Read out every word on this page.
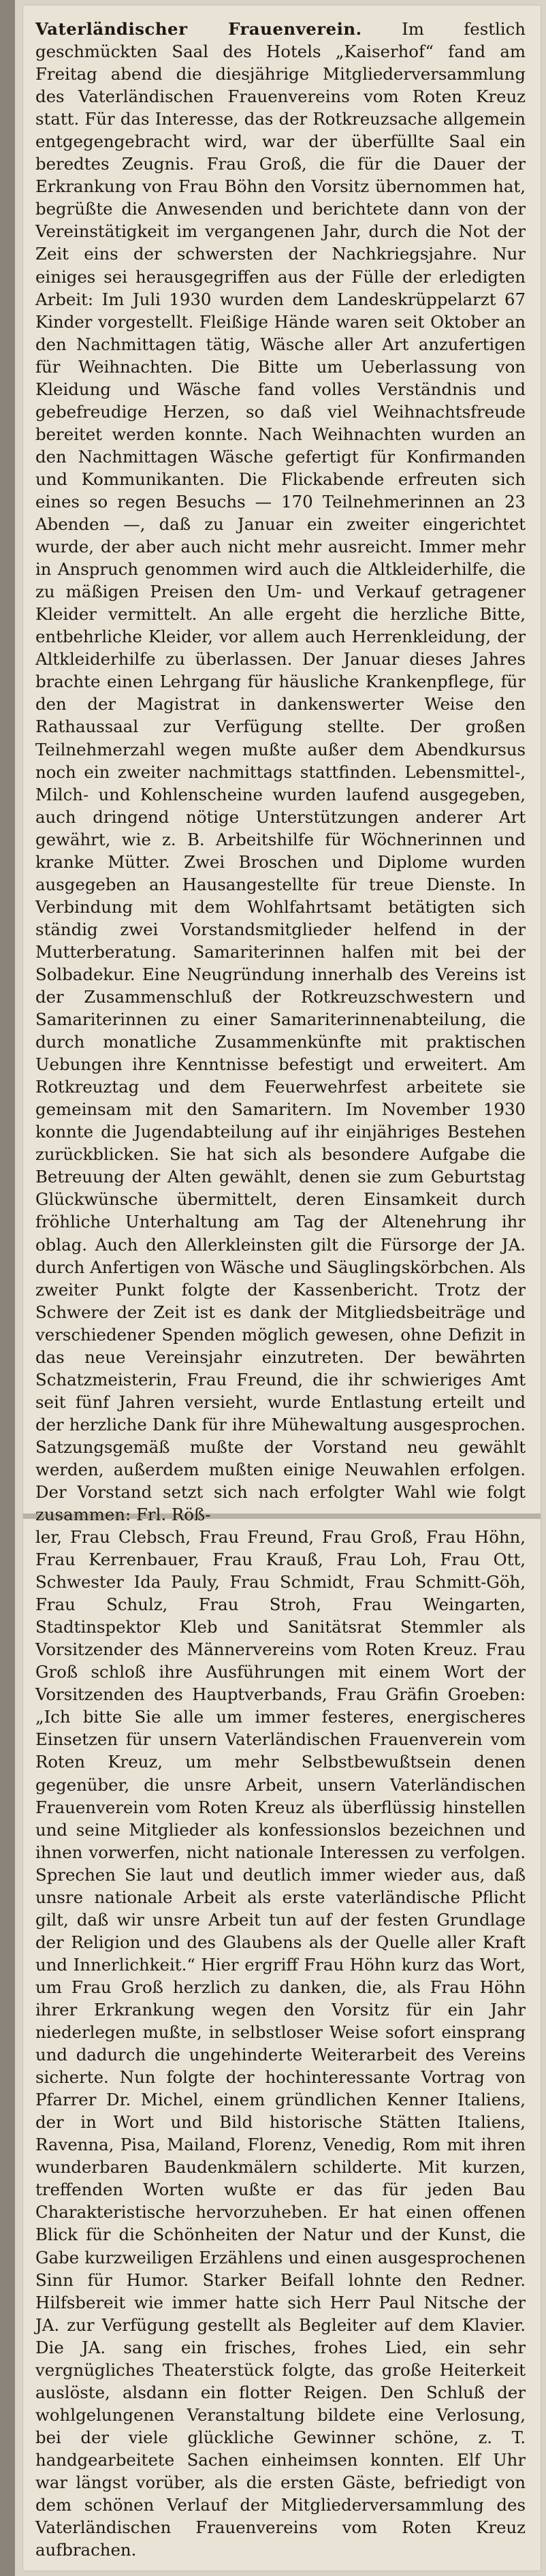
Vaterländischer Frauenverein. Im festlich geschmückten Saal des Hotels „Kaiserhof“ fand am Freitag abend die diesjährige Mitgliederversammlung des Vaterländischen Frauenvereins vom Roten Kreuz statt. Für das Interesse, das der Rotkreuzsache allgemein entgegengebracht wird, war der überfüllte Saal ein beredtes Zeugnis. Frau Groß, die für die Dauer der Erkrankung von Frau Böhn den Vorsitz übernommen hat, begrüßte die Anwesenden und berichtete dann von der Vereinstätigkeit im vergangenen Jahr, durch die Not der Zeit eins der schwersten der Nachkriegsjahre. Nur einiges sei herausgegriffen aus der Fülle der erledigten Arbeit: Im Juli 1930 wurden dem Landeskrüppelarzt 67 Kinder vorgestellt. Fleißige Hände waren seit Oktober an den Nachmittagen tätig, Wäsche aller Art anzufertigen für Weihnachten. Die Bitte um Ueberlassung von Kleidung und Wäsche fand volles Verständnis und gebefreudige Herzen, so daß viel Weihnachtsfreude bereitet werden konnte. Nach Weihnachten wurden an den Nachmittagen Wäsche gefertigt für Konfirmanden und Kommunikanten. Die Flickabende erfreuten sich eines so regen Besuchs — 170 Teilnehmerinnen an 23 Abenden —, daß zu Januar ein zweiter eingerichtet wurde, der aber auch nicht mehr ausreicht. Immer mehr in Anspruch genommen wird auch die Altkleiderhilfe, die zu mäßigen Preisen den Um- und Verkauf getragener Kleider vermittelt. An alle ergeht die herzliche Bitte, entbehrliche Kleider, vor allem auch Herrenkleidung, der Altkleiderhilfe zu überlassen. Der Januar dieses Jahres brachte einen Lehrgang für häusliche Krankenpflege, für den der Magistrat in dankenswerter Weise den Rathaussaal zur Verfügung stellte. Der großen Teilnehmerzahl wegen mußte außer dem Abendkursus noch ein zweiter nachmittags stattfinden. Lebensmittel-, Milch- und Kohlenscheine wurden laufend ausgegeben, auch dringend nötige Unterstützungen anderer Art gewährt, wie z. B. Arbeitshilfe für Wöchnerinnen und kranke Mütter. Zwei Broschen und Diplome wurden ausgegeben an Hausangestellte für treue Dienste. In Verbindung mit dem Wohlfahrtsamt betätigten sich ständig zwei Vorstandsmitglieder helfend in der Mutterberatung. Samariterinnen halfen mit bei der Solbadekur. Eine Neugründung innerhalb des Vereins ist der Zusammenschluß der Rotkreuzschwestern und Samariterinnen zu einer Samariterinnenabteilung, die durch monatliche Zusammenkünfte mit praktischen Uebungen ihre Kenntnisse befestigt und erweitert. Am Rotkreuztag und dem Feuerwehrfest arbeitete sie gemeinsam mit den Samaritern. Im November 1930 konnte die Jugendabteilung auf ihr einjähriges Bestehen zurückblicken. Sie hat sich als besondere Aufgabe die Betreuung der Alten gewählt, denen sie zum Geburtstag Glückwünsche übermittelt, deren Einsamkeit durch fröhliche Unterhaltung am Tag der Altenehrung ihr oblag. Auch den Allerkleinsten gilt die Fürsorge der JA. durch Anfertigen von Wäsche und Säuglingskörbchen. Als zweiter Punkt folgte der Kassenbericht. Trotz der Schwere der Zeit ist es dank der Mitgliedsbeiträge und verschiedener Spenden möglich gewesen, ohne Defizit in das neue Vereinsjahr einzutreten. Der bewährten Schatzmeisterin, Frau Freund, die ihr schwieriges Amt seit fünf Jahren versieht, wurde Entlastung erteilt und der herzliche Dank für ihre Mühewaltung ausgesprochen. Satzungsgemäß mußte der Vorstand neu gewählt werden, außerdem mußten einige Neuwahlen erfolgen. Der Vorstand setzt sich nach erfolgter Wahl wie folgt zusammen: Frl. Röß-

ler, Frau Clebsch, Frau Freund, Frau Groß, Frau Höhn, Frau Kerrenbauer, Frau Krauß, Frau Loh, Frau Ott, Schwester Ida Pauly, Frau Schmidt, Frau Schmitt-Göh, Frau Schulz, Frau Stroh, Frau Weingarten, Stadtinspektor Kleb und Sanitätsrat Stemmler als Vorsitzender des Männervereins vom Roten Kreuz. Frau Groß schloß ihre Ausführungen mit einem Wort der Vorsitzenden des Hauptverbands, Frau Gräfin Groeben: „Ich bitte Sie alle um immer festeres, energischeres Einsetzen für unsern Vaterländischen Frauenverein vom Roten Kreuz, um mehr Selbstbewußtsein denen gegenüber, die unsre Arbeit, unsern Vaterländischen Frauenverein vom Roten Kreuz als überflüssig hinstellen und seine Mitglieder als konfessionslos bezeichnen und ihnen vorwerfen, nicht nationale Interessen zu verfolgen. Sprechen Sie laut und deutlich immer wieder aus, daß unsre nationale Arbeit als erste vaterländische Pflicht gilt, daß wir unsre Arbeit tun auf der festen Grundlage der Religion und des Glaubens als der Quelle aller Kraft und Innerlichkeit.“ Hier ergriff Frau Höhn kurz das Wort, um Frau Groß herzlich zu danken, die, als Frau Höhn ihrer Erkrankung wegen den Vorsitz für ein Jahr niederlegen mußte, in selbstloser Weise sofort einsprang und dadurch die ungehinderte Weiterarbeit des Vereins sicherte. Nun folgte der hochinteressante Vortrag von Pfarrer Dr. Michel, einem gründlichen Kenner Italiens, der in Wort und Bild historische Stätten Italiens, Ravenna, Pisa, Mailand, Florenz, Venedig, Rom mit ihren wunderbaren Baudenkmälern schilderte. Mit kurzen, treffenden Worten wußte er das für jeden Bau Charakteristische hervorzuheben. Er hat einen offenen Blick für die Schönheiten der Natur und der Kunst, die Gabe kurzweiligen Erzählens und einen ausgesprochenen Sinn für Humor. Starker Beifall lohnte den Redner. Hilfsbereit wie immer hatte sich Herr Paul Nitsche der JA. zur Verfügung gestellt als Begleiter auf dem Klavier. Die JA. sang ein frisches, frohes Lied, ein sehr vergnügliches Theaterstück folgte, das große Heiterkeit auslöste, alsdann ein flotter Reigen. Den Schluß der wohlgelungenen Veranstaltung bildete eine Verlosung, bei der viele glückliche Gewinner schöne, z. T. handgearbeitete Sachen einheimsen konnten. Elf Uhr war längst vorüber, als die ersten Gäste, befriedigt von dem schönen Verlauf der Mitgliederversammlung des Vaterländischen Frauenvereins vom Roten Kreuz aufbrachen.
